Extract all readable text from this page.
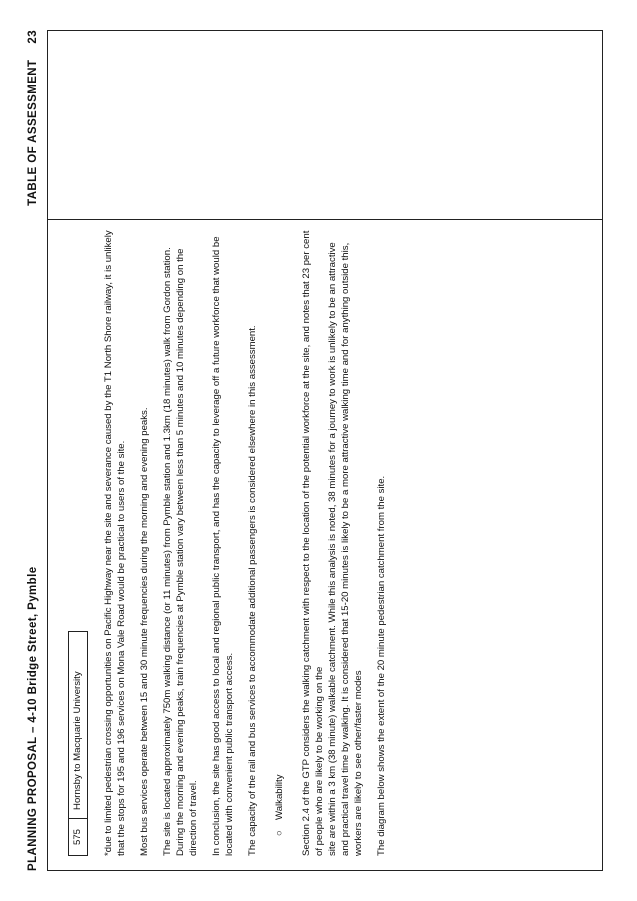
PLANNING PROPOSAL – 4-10 Bridge Street, Pymble
TABLE OF ASSESSMENT23
575
Hornsby to Macquarie University	*due to limited pedestrian crossing opportunities on Pacific Highway near the site and severance caused by the T1 North Shore railway, it is unlikely that the stops for 195 and 196 services on Mona Vale Road would be practical to users of the site. Most bus services operate between 15 and 30 minute frequencies during the morning and evening peaks. The site is located approximately 750m walking distance (or 11 minutes) from Pymble station and 1.3km (18 minutes) walk from Gordon station. During the morning and evening peaks, train frequencies at Pymble station vary between less than 5 minutes and 10 minutes depending on the direction of travel. In conclusion, the site has good access to local and regional public transport, and has the capacity to leverage off a future workforce that would be located with convenient public transport access. The capacity of the rail and bus services to accommodate additional passengers is considered elsewhere in this assessment. ○Walkability Section 2.4 of the GTP considers the walking catchment with respect to the location of the potential workforce at the site, and notes that 23 per cent of people who are likely to be working on the site are within a 3 km (38 minute) walkable catchment. While this analysis is noted, 38 minutes for a journey to work is unlikely to be an attractive and practical travel time by walking. It is considered that 15-20 minutes is likely to be a more attractive walking time and for anything outside this, workers are likely to see other/faster modes The diagram below shows the extent of the 20 minute pedestrian catchment from the site.
